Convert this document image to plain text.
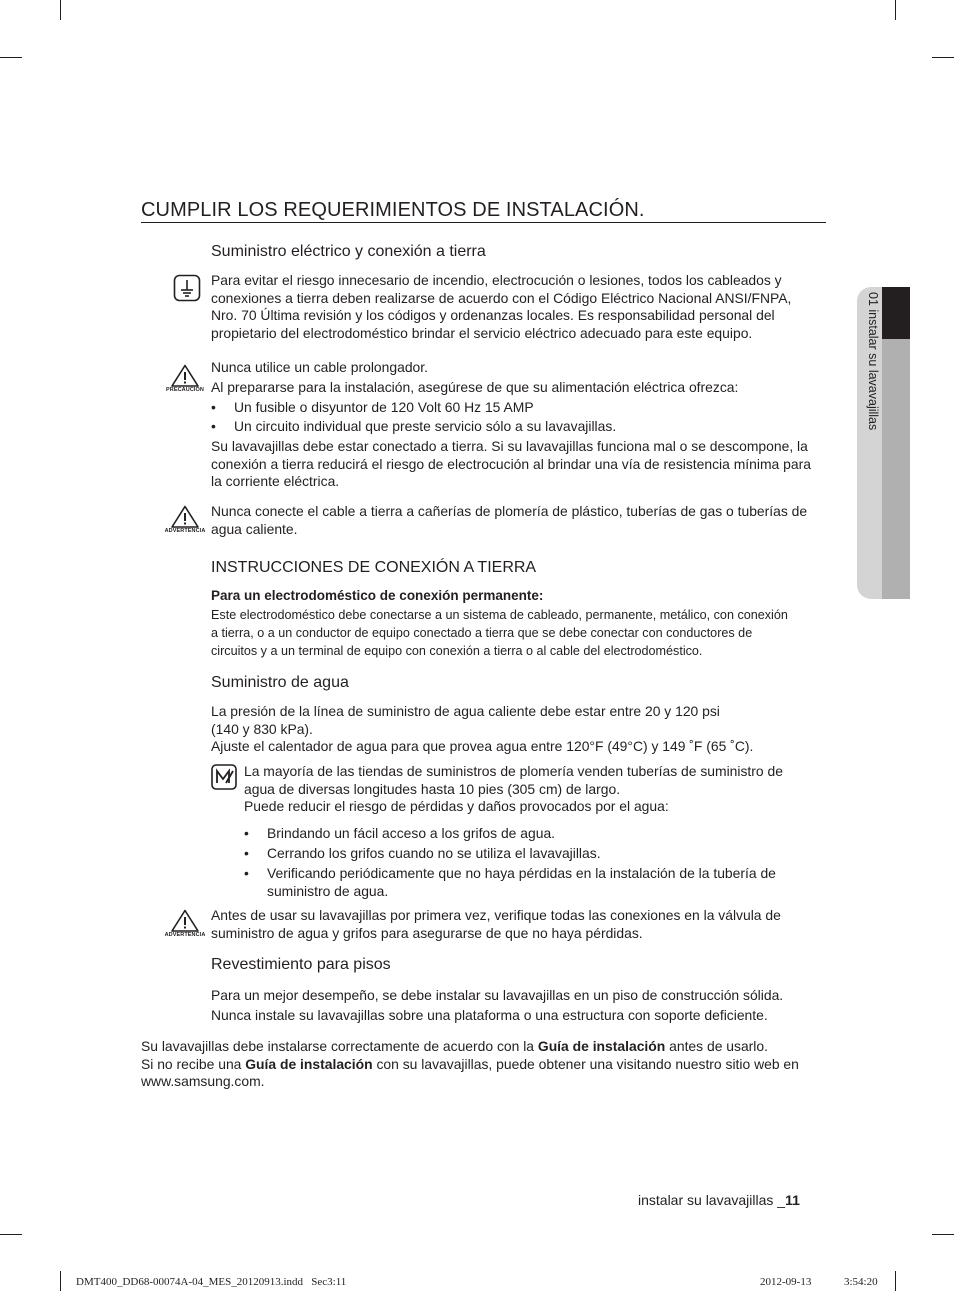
01 instalar su lavavajillas
CUMPLIR LOS REQUERIMIENTOS DE INSTALACIÓN.
Suministro eléctrico y conexión a tierra
Para evitar el riesgo innecesario de incendio, electrocución o lesiones, todos los cableados y
conexiones a tierra deben realizarse de acuerdo con el Código Eléctrico Nacional ANSI/FNPA,
Nro. 70 Última revisión y los códigos y ordenanzas locales. Es responsabilidad personal del
propietario del electrodoméstico brindar el servicio eléctrico adecuado para este equipo.
PRECAUCIÓN
Nunca utilice un cable prolongador.
Al prepararse para la instalación, asegúrese de que su alimentación eléctrica ofrezca:
• Un fusible o disyuntor de 120 Volt 60 Hz 15 AMP
• Un circuito individual que preste servicio sólo a su lavavajillas.
Su lavavajillas debe estar conectado a tierra. Si su lavavajillas funciona mal o se descompone, la
conexión a tierra reducirá el riesgo de electrocución al brindar una vía de resistencia mínima para
la corriente eléctrica.
ADVERTENCIA
Nunca conecte el cable a tierra a cañerías de plomería de plástico, tuberías de gas o tuberías de
agua caliente.
INSTRUCCIONES DE CONEXIÓN A TIERRA
Para un electrodoméstico de conexión permanente:
Este electrodoméstico debe conectarse a un sistema de cableado, permanente, metálico, con conexión
a tierra, o a un conductor de equipo conectado a tierra que se debe conectar con conductores de
circuitos y a un terminal de equipo con conexión a tierra o al cable del electrodoméstico.
Suministro de agua
La presión de la línea de suministro de agua caliente debe estar entre 20 y 120 psi
(140 y 830 kPa).
Ajuste el calentador de agua para que provea agua entre 120°F (49°C) y 149 ˚F (65 ˚C).
La mayoría de las tiendas de suministros de plomería venden tuberías de suministro de
agua de diversas longitudes hasta 10 pies (305 cm) de largo.
Puede reducir el riesgo de pérdidas y daños provocados por el agua:
• Brindando un fácil acceso a los grifos de agua.
• Cerrando los grifos cuando no se utiliza el lavavajillas.
• Verificando periódicamente que no haya pérdidas en la instalación de la tubería de
suministro de agua.
ADVERTENCIA
Antes de usar su lavavajillas por primera vez, verifique todas las conexiones en la válvula de
suministro de agua y grifos para asegurarse de que no haya pérdidas.
Revestimiento para pisos
Para un mejor desempeño, se debe instalar su lavavajillas en un piso de construcción sólida.
Nunca instale su lavavajillas sobre una plataforma o una estructura con soporte deficiente.
Su lavavajillas debe instalarse correctamente de acuerdo con la Guía de instalación antes de usarlo.
Si no recibe una Guía de instalación con su lavavajillas, puede obtener una visitando nuestro sitio web en
www.samsung.com.
instalar su lavavajillas _11
DMT400_DD68-00074A-04_MES_20120913.indd   Sec3:11	2012-09-13	3:54:20
